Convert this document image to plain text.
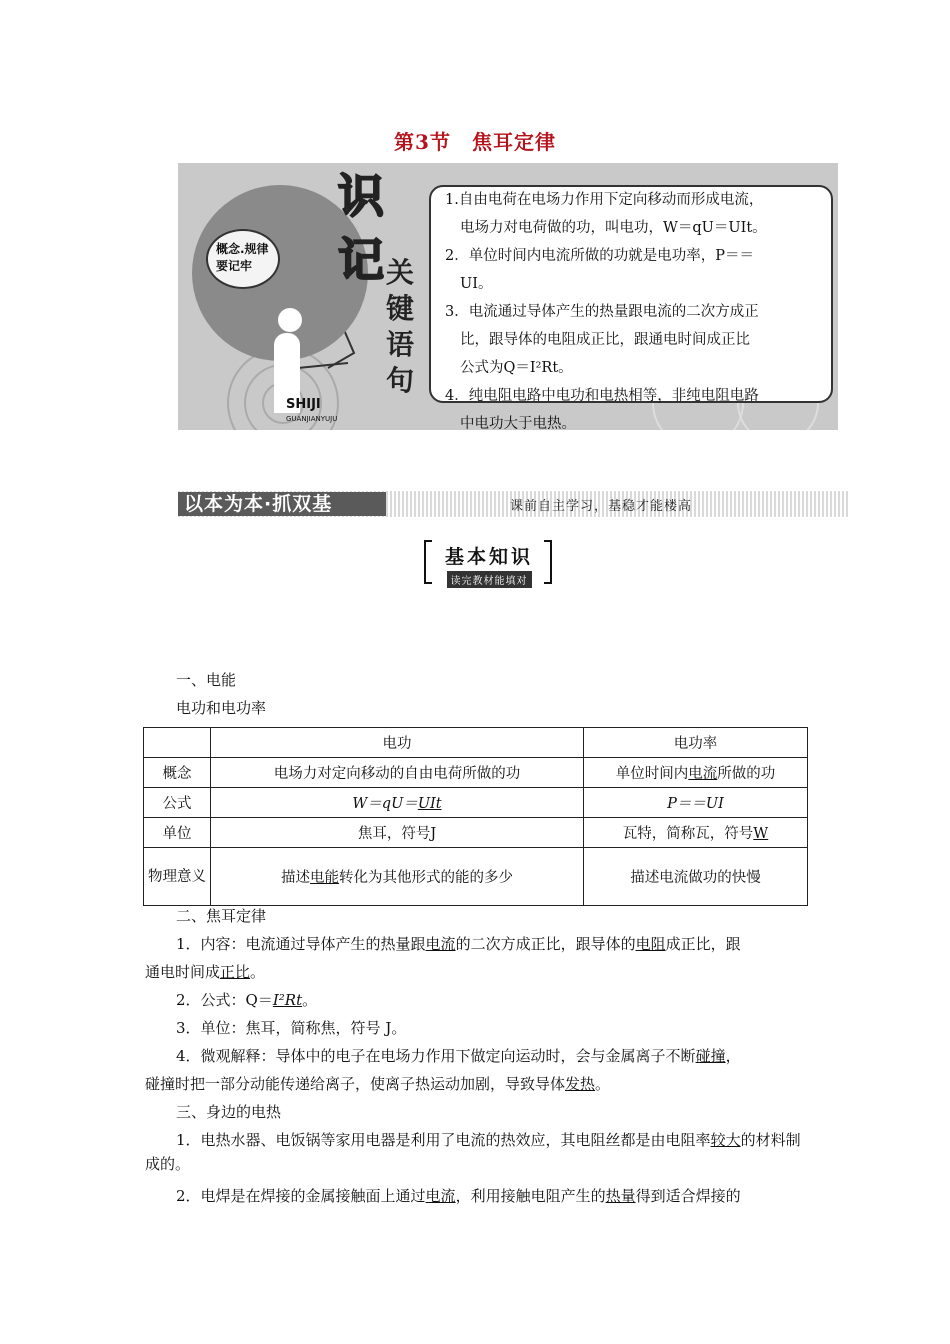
第3节　焦耳定律
概念.规律
要记牢
识
记 关
键
语
句
SHIJI
GUANJIANYUJU
1.自由电荷在电场力作用下定向移动而形成电流，
电场力对电荷做的功，叫电功，W＝qU＝UIt。
2．单位时间内电流所做的功就是电功率，P＝＝
UI。
3．电流通过导体产生的热量跟电流的二次方成正
比，跟导体的电阻成正比，跟通电时间成正比
公式为Q＝I²Rt。
4．纯电阻电路中电功和电热相等，非纯电阻电路
中电功大于电热。
以本为本·抓双基	课前自主学习，基稳才能楼高
基本知识
读完教材能填对
一、电能
电功和电功率
	电功	电功率
概念	电场力对定向移动的自由电荷所做的功	单位时间内电流所做的功
公式	W＝qU＝UIt	P＝＝UI
单位	焦耳，符号J	瓦特，简称瓦，符号W
物理意义	描述电能转化为其他形式的能的多少	描述电流做功的快慢
二、焦耳定律
1．内容：电流通过导体产生的热量跟电流的二次方成正比，跟导体的电阻成正比，跟
通电时间成正比。
2．公式：Q＝I²Rt。
3．单位：焦耳，简称焦，符号 J。
4．微观解释：导体中的电子在电场力作用下做定向运动时，会与金属离子不断碰撞，
碰撞时把一部分动能传递给离子，使离子热运动加剧，导致导体发热。
三、身边的电热
1．电热水器、电饭锅等家用电器是利用了电流的热效应，其电阻丝都是由电阻率较大的材料制成的。
2．电焊是在焊接的金属接触面上通过电流，利用接触电阻产生的热量得到适合焊接的
